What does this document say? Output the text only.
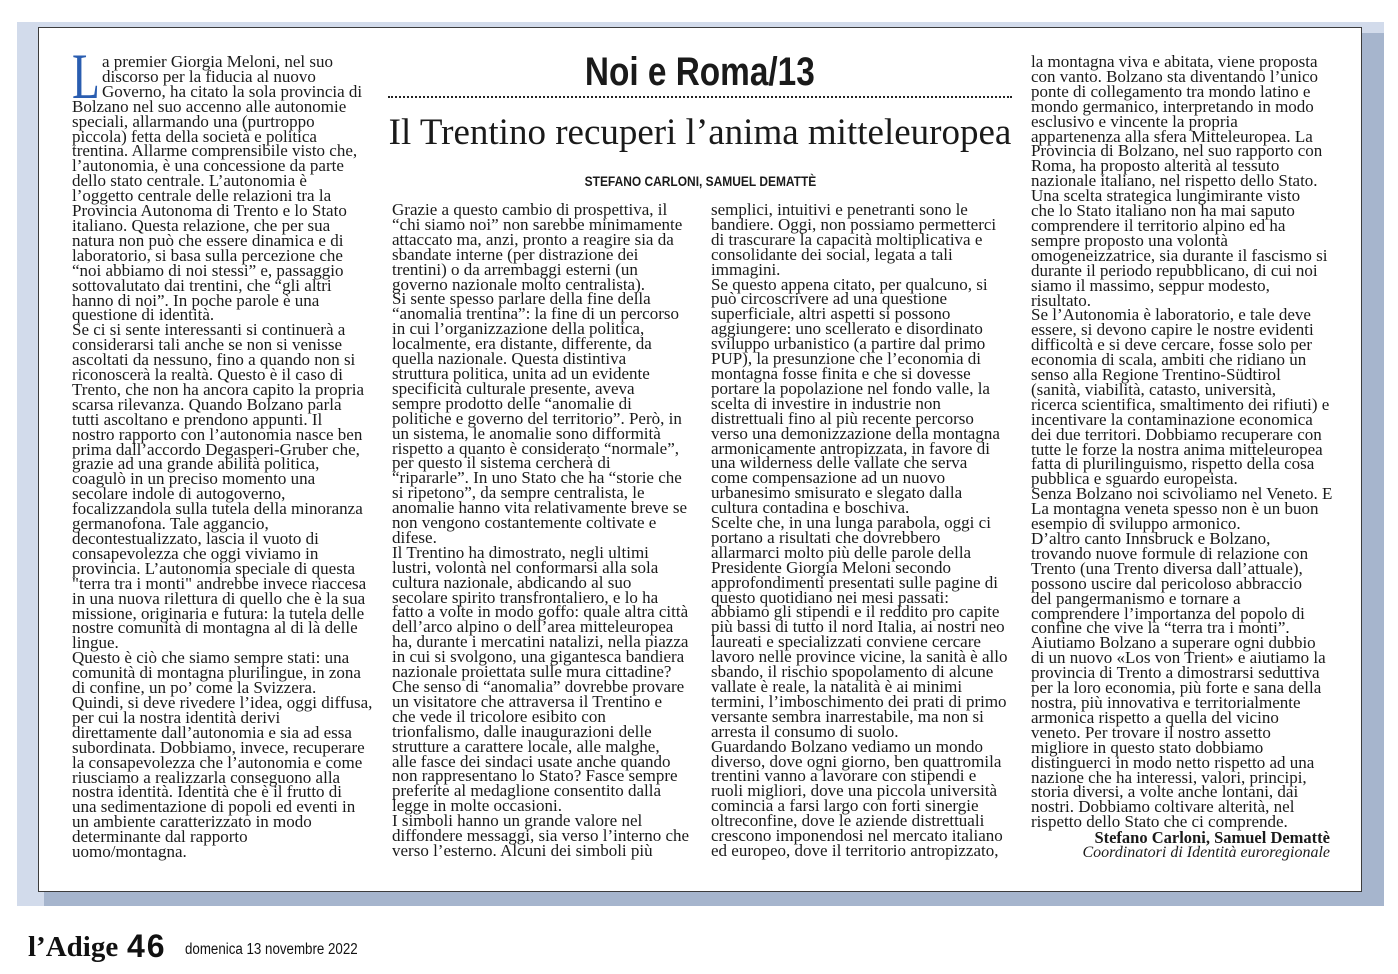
Noi e Roma/13
Il Trentino recuperi l’anima mitteleuropea
STEFANO CARLONI, SAMUEL DEMATTÈ
L a premier Giorgia Meloni, nel suo
discorso per la fiducia al nuovo
Governo, ha citato la sola provincia di
Bolzano nel suo accenno alle autonomie
speciali, allarmando una (purtroppo
piccola) fetta della società e politica
trentina. Allarme comprensibile visto che,
l’autonomia, è una concessione da parte
dello stato centrale. L’autonomia è
l’oggetto centrale delle relazioni tra la
Provincia Autonoma di Trento e lo Stato
italiano. Questa relazione, che per sua
natura non può che essere dinamica e di
laboratorio, si basa sulla percezione che
“noi abbiamo di noi stessi” e, passaggio
sottovalutato dai trentini, che “gli altri
hanno di noi”. In poche parole è una
questione di identità.
Se ci si sente interessanti si continuerà a
considerarsi tali anche se non si venisse
ascoltati da nessuno, fino a quando non si
riconoscerà la realtà. Questo è il caso di
Trento, che non ha ancora capito la propria
scarsa rilevanza. Quando Bolzano parla
tutti ascoltano e prendono appunti. Il
nostro rapporto con l’autonomia nasce ben
prima dall’accordo Degasperi-Gruber che,
grazie ad una grande abilità politica,
coagulò in un preciso momento una
secolare indole di autogoverno,
focalizzandola sulla tutela della minoranza
germanofona. Tale aggancio,
decontestualizzato, lascia il vuoto di
consapevolezza che oggi viviamo in
provincia. L’autonomia speciale di questa
"terra tra i monti" andrebbe invece riaccesa
in una nuova rilettura di quello che è la sua
missione, originaria e futura: la tutela delle
nostre comunità di montagna al di là delle
lingue.
Questo è ciò che siamo sempre stati: una
comunità di montagna plurilingue, in zona
di confine, un po’ come la Svizzera.
Quindi, si deve rivedere l’idea, oggi diffusa,
per cui la nostra identità derivi
direttamente dall’autonomia e sia ad essa
subordinata. Dobbiamo, invece, recuperare
la consapevolezza che l’autonomia e come
riusciamo a realizzarla conseguono alla
nostra identità. Identità che è il frutto di
una sedimentazione di popoli ed eventi in
un ambiente caratterizzato in modo
determinante dal rapporto
uomo/montagna.
Grazie a questo cambio di prospettiva, il
“chi siamo noi” non sarebbe minimamente
attaccato ma, anzi, pronto a reagire sia da
sbandate interne (per distrazione dei
trentini) o da arrembaggi esterni (un
governo nazionale molto centralista).
Si sente spesso parlare della fine della
“anomalia trentina”: la fine di un percorso
in cui l’organizzazione della politica,
localmente, era distante, differente, da
quella nazionale. Questa distintiva
struttura politica, unita ad un evidente
specificità culturale presente, aveva
sempre prodotto delle “anomalie di
politiche e governo del territorio”. Però, in
un sistema, le anomalie sono difformità
rispetto a quanto è considerato “normale”,
per questo il sistema cercherà di
“ripararle”. In uno Stato che ha “storie che
si ripetono”, da sempre centralista, le
anomalie hanno vita relativamente breve se
non vengono costantemente coltivate e
difese.
Il Trentino ha dimostrato, negli ultimi
lustri, volontà nel conformarsi alla sola
cultura nazionale, abdicando al suo
secolare spirito transfrontaliero, e lo ha
fatto a volte in modo goffo: quale altra città
dell’arco alpino o dell’area mitteleuropea
ha, durante i mercatini natalizi, nella piazza
in cui si svolgono, una gigantesca bandiera
nazionale proiettata sulle mura cittadine?
Che senso di “anomalia” dovrebbe provare
un visitatore che attraversa il Trentino e
che vede il tricolore esibito con
trionfalismo, dalle inaugurazioni delle
strutture a carattere locale, alle malghe,
alle fasce dei sindaci usate anche quando
non rappresentano lo Stato? Fasce sempre
preferite al medaglione consentito dalla
legge in molte occasioni.
I simboli hanno un grande valore nel
diffondere messaggi, sia verso l’interno che
verso l’esterno. Alcuni dei simboli più
semplici, intuitivi e penetranti sono le
bandiere. Oggi, non possiamo permetterci
di trascurare la capacità moltiplicativa e
consolidante dei social, legata a tali
immagini.
Se questo appena citato, per qualcuno, si
può circoscrivere ad una questione
superficiale, altri aspetti si possono
aggiungere: uno scellerato e disordinato
sviluppo urbanistico (a partire dal primo
PUP), la presunzione che l’economia di
montagna fosse finita e che si dovesse
portare la popolazione nel fondo valle, la
scelta di investire in industrie non
distrettuali fino al più recente percorso
verso una demonizzazione della montagna
armonicamente antropizzata, in favore di
una wilderness delle vallate che serva
come compensazione ad un nuovo
urbanesimo smisurato e slegato dalla
cultura contadina e boschiva.
Scelte che, in una lunga parabola, oggi ci
portano a risultati che dovrebbero
allarmarci molto più delle parole della
Presidente Giorgia Meloni secondo
approfondimenti presentati sulle pagine di
questo quotidiano nei mesi passati:
abbiamo gli stipendi e il reddito pro capite
più bassi di tutto il nord Italia, ai nostri neo
laureati e specializzati conviene cercare
lavoro nelle province vicine, la sanità è allo
sbando, il rischio spopolamento di alcune
vallate è reale, la natalità è ai minimi
termini, l’imboschimento dei prati di primo
versante sembra inarrestabile, ma non si
arresta il consumo di suolo.
Guardando Bolzano vediamo un mondo
diverso, dove ogni giorno, ben quattromila
trentini vanno a lavorare con stipendi e
ruoli migliori, dove una piccola università
comincia a farsi largo con forti sinergie
oltreconfine, dove le aziende distrettuali
crescono imponendosi nel mercato italiano
ed europeo, dove il territorio antropizzato,
la montagna viva e abitata, viene proposta
con vanto. Bolzano sta diventando l’unico
ponte di collegamento tra mondo latino e
mondo germanico, interpretando in modo
esclusivo e vincente la propria
appartenenza alla sfera Mitteleuropea. La
Provincia di Bolzano, nel suo rapporto con
Roma, ha proposto alterità al tessuto
nazionale italiano, nel rispetto dello Stato.
Una scelta strategica lungimirante visto
che lo Stato italiano non ha mai saputo
comprendere il territorio alpino ed ha
sempre proposto una volontà
omogeneizzatrice, sia durante il fascismo si
durante il periodo repubblicano, di cui noi
siamo il massimo, seppur modesto,
risultato.
Se l’Autonomia è laboratorio, e tale deve
essere, si devono capire le nostre evidenti
difficoltà e si deve cercare, fosse solo per
economia di scala, ambiti che ridiano un
senso alla Regione Trentino-Südtirol
(sanità, viabilità, catasto, università,
ricerca scientifica, smaltimento dei rifiuti) e
incentivare la contaminazione economica
dei due territori. Dobbiamo recuperare con
tutte le forze la nostra anima mitteleuropea
fatta di plurilinguismo, rispetto della cosa
pubblica e sguardo europeista.
Senza Bolzano noi scivoliamo nel Veneto. E
La montagna veneta spesso non è un buon
esempio di sviluppo armonico.
D’altro canto Innsbruck e Bolzano,
trovando nuove formule di relazione con
Trento (una Trento diversa dall’attuale),
possono uscire dal pericoloso abbraccio
del pangermanismo e tornare a
comprendere l’importanza del popolo di
confine che vive la “terra tra i monti”.
Aiutiamo Bolzano a superare ogni dubbio
di un nuovo «Los von Trient» e aiutiamo la
provincia di Trento a dimostrarsi seduttiva
per la loro economia, più forte e sana della
nostra, più innovativa e territorialmente
armonica rispetto a quella del vicino
veneto. Per trovare il nostro assetto
migliore in questo stato dobbiamo
distinguerci in modo netto rispetto ad una
nazione che ha interessi, valori, principi,
storia diversi, a volte anche lontani, dai
nostri. Dobbiamo coltivare alterità, nel
rispetto dello Stato che ci comprende.
Stefano Carloni, Samuel Demattè
Coordinatori di Identità euroregionale
l’Adige 46 domenica 13 novembre 2022
